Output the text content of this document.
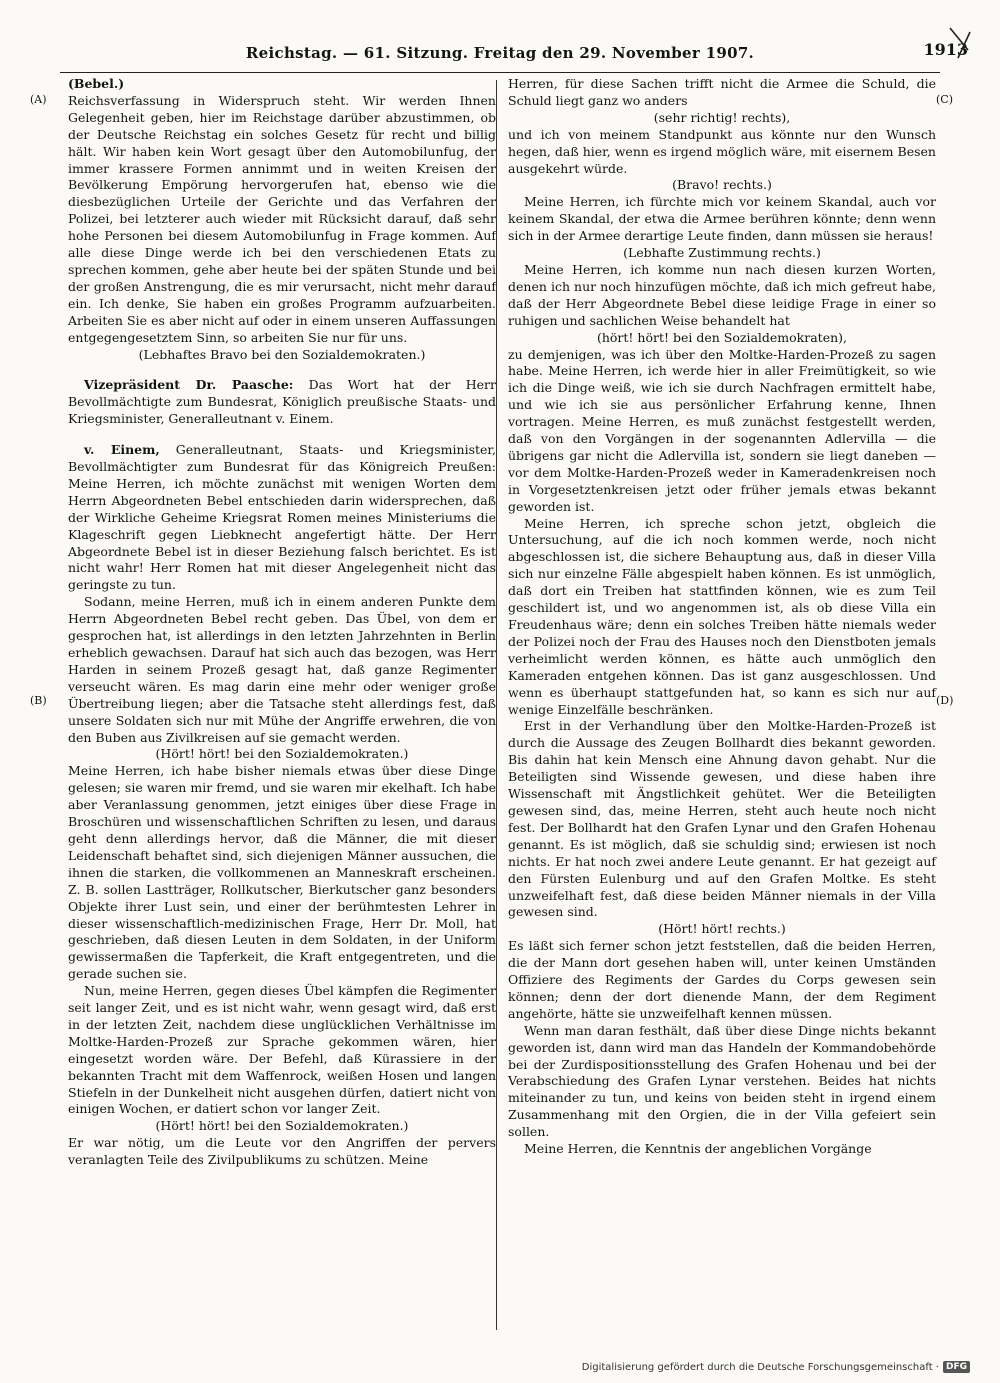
Reichstag. — 61. Sitzung. Freitag den 29. November 1907.	1913
(A)
(B)
(C)
(D)

(Bebel.)

Reichsverfassung in Widerspruch steht. Wir werden Ihnen Gelegenheit geben, hier im Reichstage darüber abzustimmen, ob der Deutsche Reichstag ein solches Gesetz für recht und billig hält. Wir haben kein Wort gesagt über den Automobilunfug, der immer krassere Formen annimmt und in weiten Kreisen der Bevölkerung Empörung hervorgerufen hat, ebenso wie die diesbezüglichen Urteile der Gerichte und das Verfahren der Polizei, bei letzterer auch wieder mit Rücksicht darauf, daß sehr hohe Personen bei diesem Automobilunfug in Frage kommen. Auf alle diese Dinge werde ich bei den verschiedenen Etats zu sprechen kommen, gehe aber heute bei der späten Stunde und bei der großen Anstrengung, die es mir verursacht, nicht mehr darauf ein. Ich denke, Sie haben ein großes Programm aufzuarbeiten. Arbeiten Sie es aber nicht auf oder in einem unseren Auffassungen entgegengesetztem Sinn, so arbeiten Sie nur für uns.

(Lebhaftes Bravo bei den Sozialdemokraten.)

Vizepräsident Dr. Paasche: Das Wort hat der Herr Bevollmächtigte zum Bundesrat, Königlich preußische Staats- und Kriegsminister, Generalleutnant v. Einem.

v. Einem, Generalleutnant, Staats- und Kriegsminister, Bevollmächtigter zum Bundesrat für das Königreich Preußen: Meine Herren, ich möchte zunächst mit wenigen Worten dem Herrn Abgeordneten Bebel entschieden darin widersprechen, daß der Wirkliche Geheime Kriegsrat Romen meines Ministeriums die Klageschrift gegen Liebknecht angefertigt hätte. Der Herr Abgeordnete Bebel ist in dieser Beziehung falsch berichtet. Es ist nicht wahr! Herr Romen hat mit dieser Angelegenheit nicht das geringste zu tun.

Sodann, meine Herren, muß ich in einem anderen Punkte dem Herrn Abgeordneten Bebel recht geben. Das Übel, von dem er gesprochen hat, ist allerdings in den letzten Jahrzehnten in Berlin erheblich gewachsen. Darauf hat sich auch das bezogen, was Herr Harden in seinem Prozeß gesagt hat, daß ganze Regimenter verseucht wären. Es mag darin eine mehr oder weniger große Übertreibung liegen; aber die Tatsache steht allerdings fest, daß unsere Soldaten sich nur mit Mühe der Angriffe erwehren, die von den Buben aus Zivilkreisen auf sie gemacht werden.

(Hört! hört! bei den Sozialdemokraten.)

Meine Herren, ich habe bisher niemals etwas über diese Dinge gelesen; sie waren mir fremd, und sie waren mir ekelhaft. Ich habe aber Veranlassung genommen, jetzt einiges über diese Frage in Broschüren und wissenschaftlichen Schriften zu lesen, und daraus geht denn allerdings hervor, daß die Männer, die mit dieser Leidenschaft behaftet sind, sich diejenigen Männer aussuchen, die ihnen die starken, die vollkommenen an Manneskraft erscheinen. Z. B. sollen Lastträger, Rollkutscher, Bierkutscher ganz besonders Objekte ihrer Lust sein, und einer der berühmtesten Lehrer in dieser wissenschaftlich-medizinischen Frage, Herr Dr. Moll, hat geschrieben, daß diesen Leuten in dem Soldaten, in der Uniform gewissermaßen die Tapferkeit, die Kraft entgegentreten, und die gerade suchen sie.

Nun, meine Herren, gegen dieses Übel kämpfen die Regimenter seit langer Zeit, und es ist nicht wahr, wenn gesagt wird, daß erst in der letzten Zeit, nachdem diese unglücklichen Verhältnisse im Moltke-Harden-Prozeß zur Sprache gekommen wären, hier eingesetzt worden wäre. Der Befehl, daß Kürassiere in der bekannten Tracht mit dem Waffenrock, weißen Hosen und langen Stiefeln in der Dunkelheit nicht ausgehen dürfen, datiert nicht von einigen Wochen, er datiert schon vor langer Zeit.

(Hört! hört! bei den Sozialdemokraten.)

Er war nötig, um die Leute vor den Angriffen der pervers veranlagten Teile des Zivilpublikums zu schützen. Meine

Herren, für diese Sachen trifft nicht die Armee die Schuld, die Schuld liegt ganz wo anders

(sehr richtig! rechts),

und ich von meinem Standpunkt aus könnte nur den Wunsch hegen, daß hier, wenn es irgend möglich wäre, mit eisernem Besen ausgekehrt würde.

(Bravo! rechts.)

Meine Herren, ich fürchte mich vor keinem Skandal, auch vor keinem Skandal, der etwa die Armee berühren könnte; denn wenn sich in der Armee derartige Leute finden, dann müssen sie heraus!

(Lebhafte Zustimmung rechts.)

Meine Herren, ich komme nun nach diesen kurzen Worten, denen ich nur noch hinzufügen möchte, daß ich mich gefreut habe, daß der Herr Abgeordnete Bebel diese leidige Frage in einer so ruhigen und sachlichen Weise behandelt hat

(hört! hört! bei den Sozialdemokraten),

zu demjenigen, was ich über den Moltke-Harden-Prozeß zu sagen habe. Meine Herren, ich werde hier in aller Freimütigkeit, so wie ich die Dinge weiß, wie ich sie durch Nachfragen ermittelt habe, und wie ich sie aus persönlicher Erfahrung kenne, Ihnen vortragen. Meine Herren, es muß zunächst festgestellt werden, daß von den Vorgängen in der sogenannten Adlervilla — die übrigens gar nicht die Adlervilla ist, sondern sie liegt daneben — vor dem Moltke-Harden-Prozeß weder in Kameradenkreisen noch in Vorgesetztenkreisen jetzt oder früher jemals etwas bekannt geworden ist.

Meine Herren, ich spreche schon jetzt, obgleich die Untersuchung, auf die ich noch kommen werde, noch nicht abgeschlossen ist, die sichere Behauptung aus, daß in dieser Villa sich nur einzelne Fälle abgespielt haben können. Es ist unmöglich, daß dort ein Treiben hat stattfinden können, wie es zum Teil geschildert ist, und wo angenommen ist, als ob diese Villa ein Freudenhaus wäre; denn ein solches Treiben hätte niemals weder der Polizei noch der Frau des Hauses noch den Dienstboten jemals verheimlicht werden können, es hätte auch unmöglich den Kameraden entgehen können. Das ist ganz ausgeschlossen. Und wenn es überhaupt stattgefunden hat, so kann es sich nur auf wenige Einzelfälle beschränken.

Erst in der Verhandlung über den Moltke-Harden-Prozeß ist durch die Aussage des Zeugen Bollhardt dies bekannt geworden. Bis dahin hat kein Mensch eine Ahnung davon gehabt. Nur die Beteiligten sind Wissende gewesen, und diese haben ihre Wissenschaft mit Ängstlichkeit gehütet. Wer die Beteiligten gewesen sind, das, meine Herren, steht auch heute noch nicht fest. Der Bollhardt hat den Grafen Lynar und den Grafen Hohenau genannt. Es ist möglich, daß sie schuldig sind; erwiesen ist noch nichts. Er hat noch zwei andere Leute genannt. Er hat gezeigt auf den Fürsten Eulenburg und auf den Grafen Moltke. Es steht unzweifelhaft fest, daß diese beiden Männer niemals in der Villa gewesen sind.

(Hört! hört! rechts.)

Es läßt sich ferner schon jetzt feststellen, daß die beiden Herren, die der Mann dort gesehen haben will, unter keinen Umständen Offiziere des Regiments der Gardes du Corps gewesen sein können; denn der dort dienende Mann, der dem Regiment angehörte, hätte sie unzweifelhaft kennen müssen.

Wenn man daran festhält, daß über diese Dinge nichts bekannt geworden ist, dann wird man das Handeln der Kommandobehörde bei der Zurdispositionsstellung des Grafen Hohenau und bei der Verabschiedung des Grafen Lynar verstehen. Beides hat nichts miteinander zu tun, und keins von beiden steht in irgend einem Zusammenhang mit den Orgien, die in der Villa gefeiert sein sollen.

Meine Herren, die Kenntnis der angeblichen Vorgänge

Digitalisierung gefördert durch die Deutsche Forschungsgemeinschaft · DFG
